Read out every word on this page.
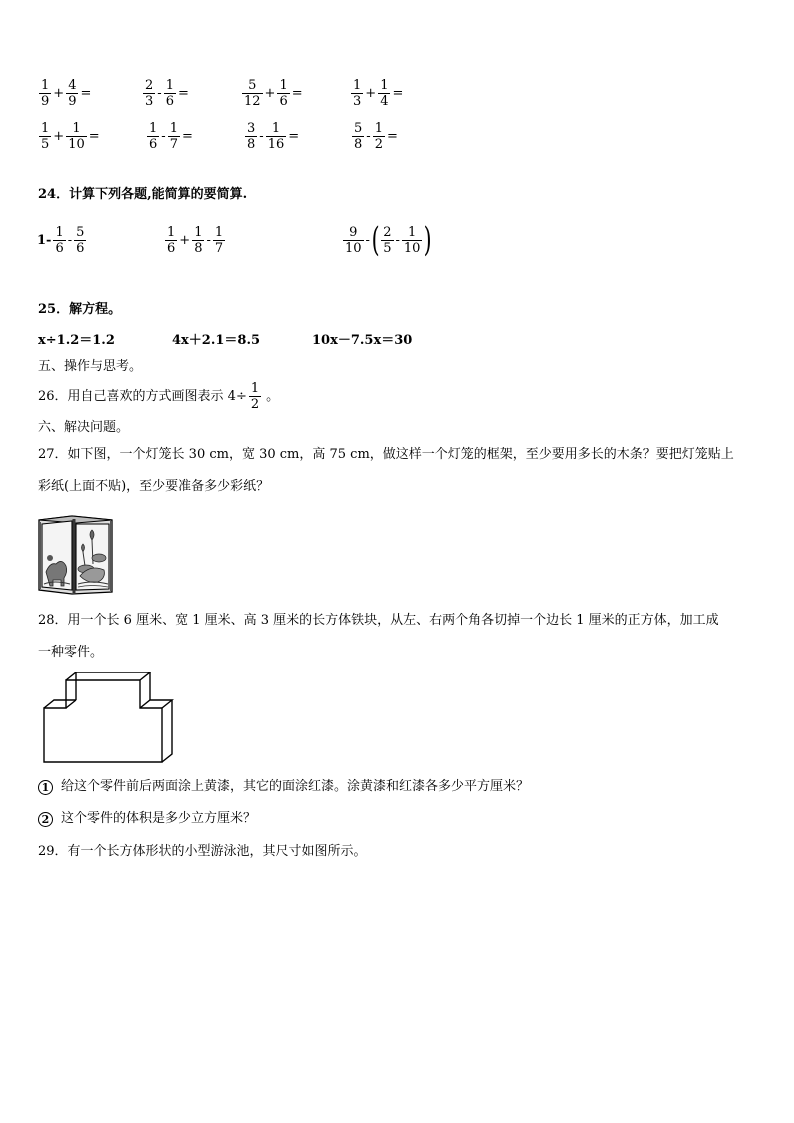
$\frac{1}{9} + \frac{4}{9}$ =	$\frac{2}{3} - \frac{1}{6}$ =	$\frac{5}{12} + \frac{1}{6}$ =	$\frac{1}{3} + \frac{1}{4}$ =
$\frac{1}{5} + \frac{1}{10}$ =	$\frac{1}{6} - \frac{1}{7}$ =	$\frac{3}{8} - \frac{1}{16}$ =	$\frac{5}{8} - \frac{1}{2}$ =
24．计算下列各题,能简算的要简算.
$1- \frac{1}{6} - \frac{5}{6}$	$\frac{1}{6} + \frac{1}{8} - \frac{1}{7}$	$\frac{9}{10}$ - ( $\frac{2}{5} - \frac{1}{10}$ )
25．解方程。
x÷1.2＝1.2	4x＋2.1＝8.5	10x－7.5x＝30
五、操作与思考。
26．用自己喜欢的方式画图表示 $4\div \frac{1}{2}$ 。
六、解决问题。
27．如下图，一个灯笼长 30 cm，宽 30 cm，高 75 cm，做这样一个灯笼的框架，至少要用多长的木条？要把灯笼贴上
彩纸(上面不贴)，至少要准备多少彩纸？
28．用一个长 6 厘米、宽 1 厘米、高 3 厘米的长方体铁块，从左、右两个角各切掉一个边长 1 厘米的正方体，加工成
一种零件。
1 给这个零件前后两面涂上黄漆，其它的面涂红漆。涂黄漆和红漆各多少平方厘米？
2 这个零件的体积是多少立方厘米？
29．有一个长方体形状的小型游泳池，其尺寸如图所示。
